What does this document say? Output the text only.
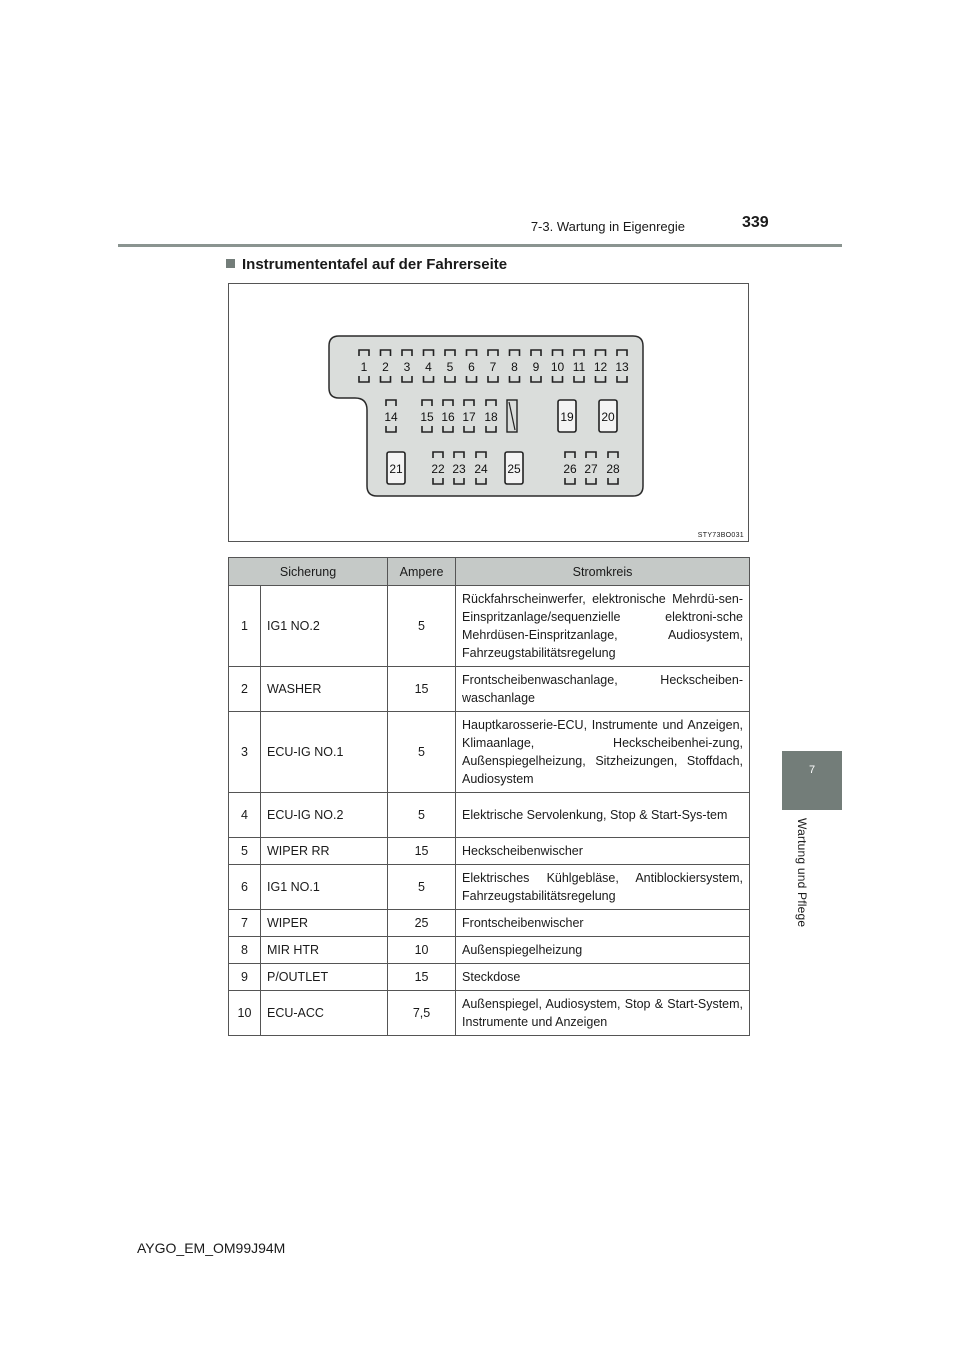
7-3. Wartung in Eigenregie	339
7
Wartung und Pflege
Instrumententafel auf der Fahrerseite
1 2 3 4 5 6 7 8 9 10 11 12 13
14 15 16 17 18	19 20
21 22 23 24 25	26 27 28
STY73BO031
Sicherung		Ampere	Stromkreis
1	IG1 NO.2	5	Rückfahrscheinwerfer, elektronische Mehrdü-sen-Einspritzanlage/sequenzielle elektroni-sche Mehrdüsen-Einspritzanlage, Audiosystem, Fahrzeugstabilitätsregelung
2	WASHER	15	Frontscheibenwaschanlage, Heckscheiben-waschanlage
3	ECU-IG NO.1	5	Hauptkarosserie-ECU, Instrumente und Anzeigen, Klimaanlage, Heckscheibenhei-zung, Außenspiegelheizung, Sitzheizungen, Stoffdach, Audiosystem
4	ECU-IG NO.2	5	Elektrische Servolenkung, Stop & Start-Sys-tem
5	WIPER RR	15	Heckscheibenwischer
6	IG1 NO.1	5	Elektrisches Kühlgebläse, Antiblockiersystem, Fahrzeugstabilitätsregelung
7	WIPER	25	Frontscheibenwischer
8	MIR HTR	10	Außenspiegelheizung
9	P/OUTLET	15	Steckdose
10	ECU-ACC	7,5	Außenspiegel, Audiosystem, Stop & Start-System, Instrumente und Anzeigen
AYGO_EM_OM99J94M
